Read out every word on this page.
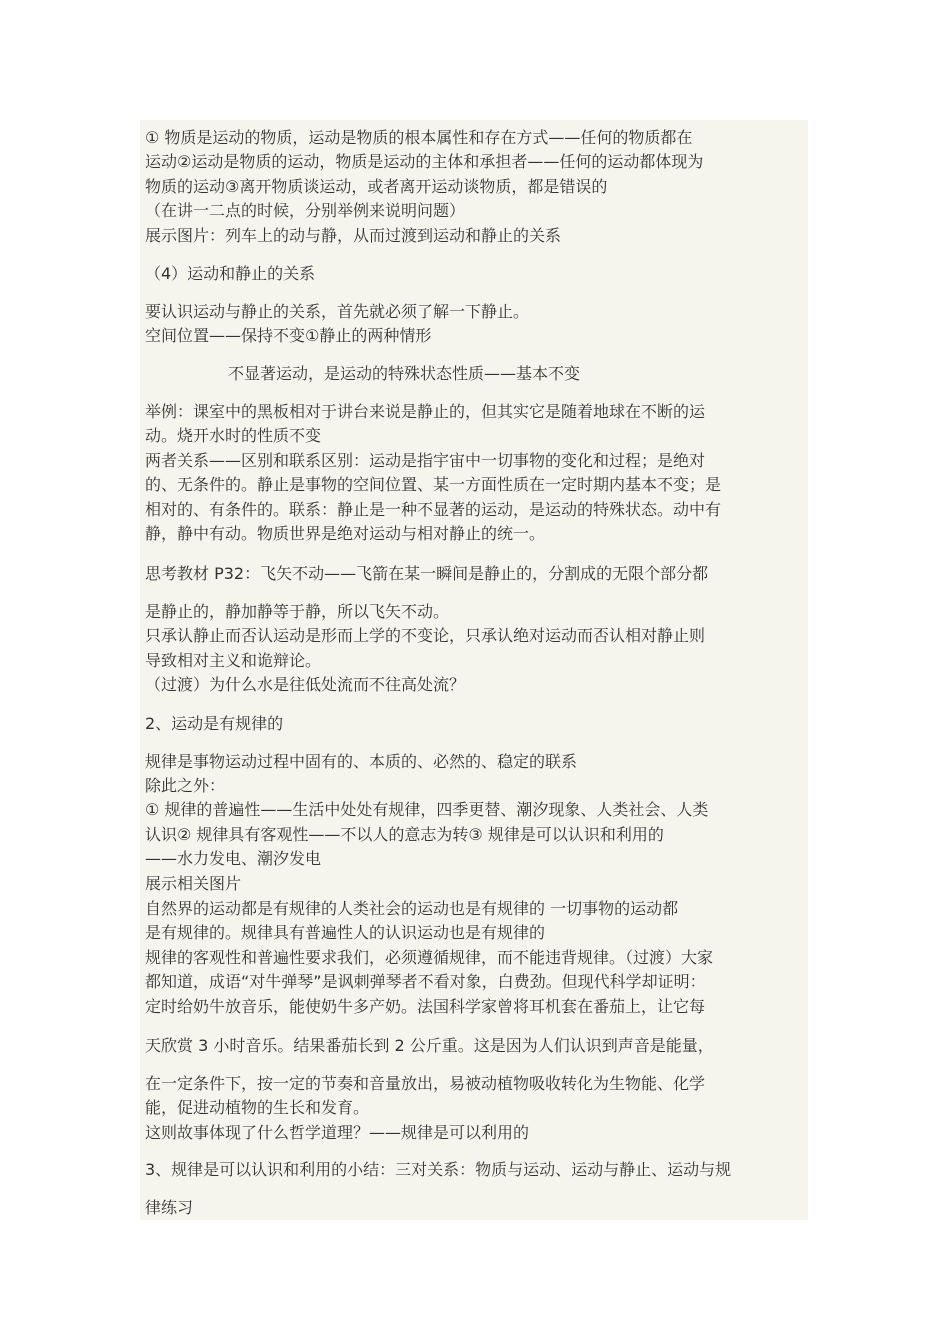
① 物质是运动的物质，运动是物质的根本属性和存在方式——任何的物质都在
运动②运动是物质的运动，物质是运动的主体和承担者——任何的运动都体现为
物质的运动③离开物质谈运动，或者离开运动谈物质，都是错误的
（在讲一二点的时候，分别举例来说明问题）
展示图片：列车上的动与静，从而过渡到运动和静止的关系
（4）运动和静止的关系
要认识运动与静止的关系，首先就必须了解一下静止。
空间位置——保持不变①静止的两种情形
不显著运动，是运动的特殊状态性质——基本不变
举例：课室中的黑板相对于讲台来说是静止的，但其实它是随着地球在不断的运
动。烧开水时的性质不变
两者关系——区别和联系区别：运动是指宇宙中一切事物的变化和过程；是绝对
的、无条件的。静止是事物的空间位置、某一方面性质在一定时期内基本不变；是
相对的、有条件的。联系：静止是一种不显著的运动，是运动的特殊状态。动中有
静，静中有动。物质世界是绝对运动与相对静止的统一。
思考教材 P32：飞矢不动——飞箭在某一瞬间是静止的，分割成的无限个部分都
是静止的，静加静等于静，所以飞矢不动。
只承认静止而否认运动是形而上学的不变论，只承认绝对运动而否认相对静止则
导致相对主义和诡辩论。
（过渡）为什么水是往低处流而不往高处流？
2、运动是有规律的
规律是事物运动过程中固有的、本质的、必然的、稳定的联系
除此之外：
① 规律的普遍性——生活中处处有规律，四季更替、潮汐现象、人类社会、人类
认识② 规律具有客观性——不以人的意志为转③ 规律是可以认识和利用的
——水力发电、潮汐发电
展示相关图片
自然界的运动都是有规律的人类社会的运动也是有规律的 一切事物的运动都
是有规律的。规律具有普遍性人的认识运动也是有规律的
规律的客观性和普遍性要求我们，必须遵循规律，而不能违背规律。（过渡）大家
都知道，成语“对牛弹琴”是讽刺弹琴者不看对象，白费劲。但现代科学却证明：
定时给奶牛放音乐，能使奶牛多产奶。法国科学家曾将耳机套在番茄上，让它每
天欣赏 3 小时音乐。结果番茄长到 2 公斤重。这是因为人们认识到声音是能量，
在一定条件下，按一定的节奏和音量放出，易被动植物吸收转化为生物能、化学
能，促进动植物的生长和发育。
这则故事体现了什么哲学道理？——规律是可以利用的
3、规律是可以认识和利用的小结：三对关系：物质与运动、运动与静止、运动与规
律练习
